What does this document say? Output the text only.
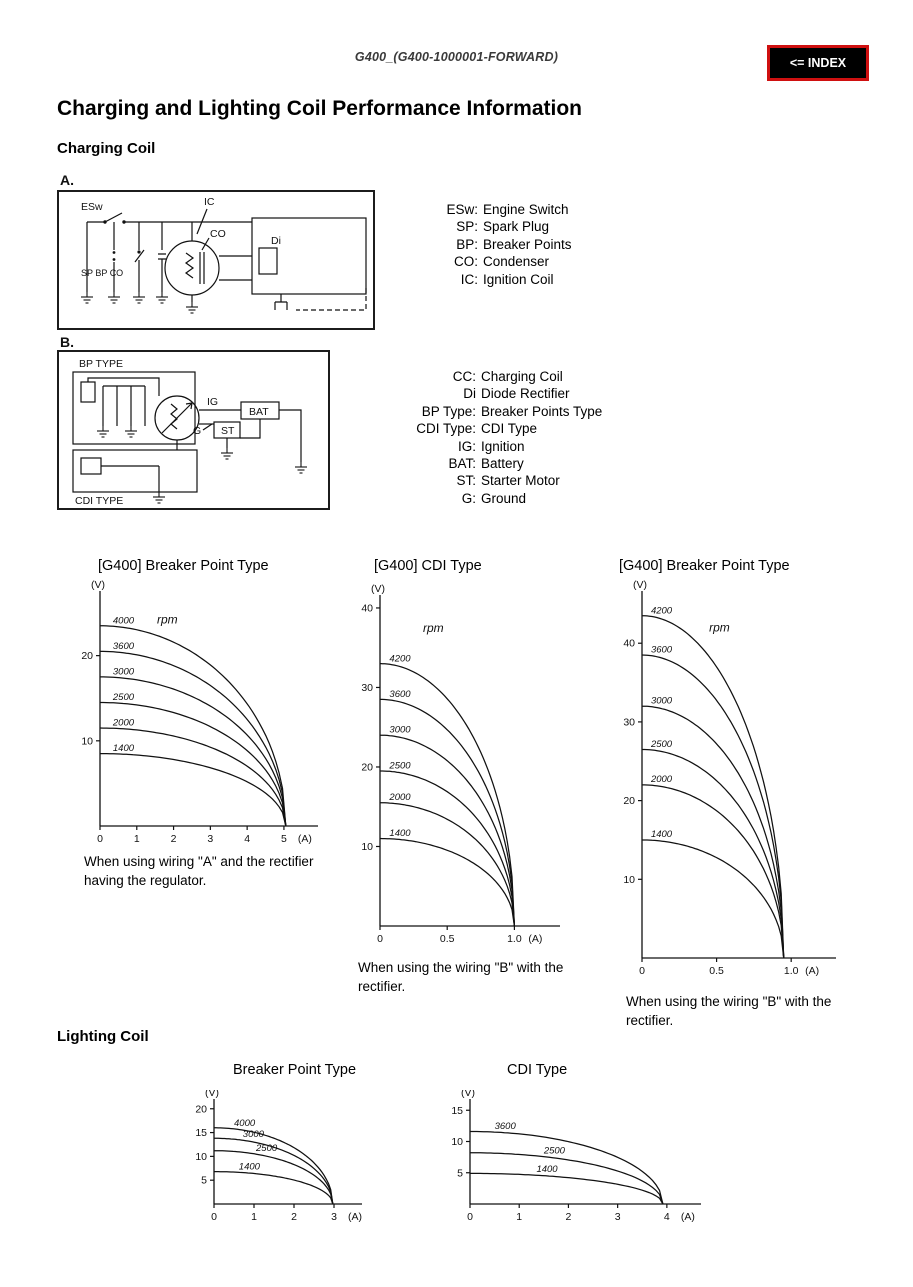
G400_(G400-1000001-FORWARD)	<= INDEX
Charging and Lighting Coil Performance Information
Charging Coil
A.
ESw	IC
CO
SP BP CO
Di
ESw: Engine Switch
SP: Spark Plug
BP: Breaker Points
CO: Condenser
IC: Ignition Coil
B.
BP TYPE
IG
BAT
G ST
CDI TYPE
CC: Charging Coil
Di Diode Rectifier
BP Type: Breaker Points Type
CDI Type: CDI Type
IG: Ignition
BAT: Battery
ST: Starter Motor
G: Ground
[G400] Breaker Point Type	[G400] CDI Type	[G400] Breaker Point Type
(V)
10
20
0	1	2	3	4	5 (A)
4000
3600
3000
2500
2000
1400
rpm
(V)
10
20
30
40
0	0.5	1.0 (A)
4200
3600
3000
2500
2000
1400
rpm
(V)
10
20
30
40
0	0.5	1.0 (A)
4200
3600
3000
2500
2000
1400
rpm
When using wiring "A" and the rectifier having the regulator.
When using the wiring "B" with the rectifier.
When using the wiring "B" with the rectifier.
Lighting Coil
Breaker Point Type	CDI Type
(V)
5
10
15
20
0	1	2	3 (A)
4000
3000
2500
1400
(V)
5
10
15
0	1	2	3	4 (A)
3600
2500
1400
